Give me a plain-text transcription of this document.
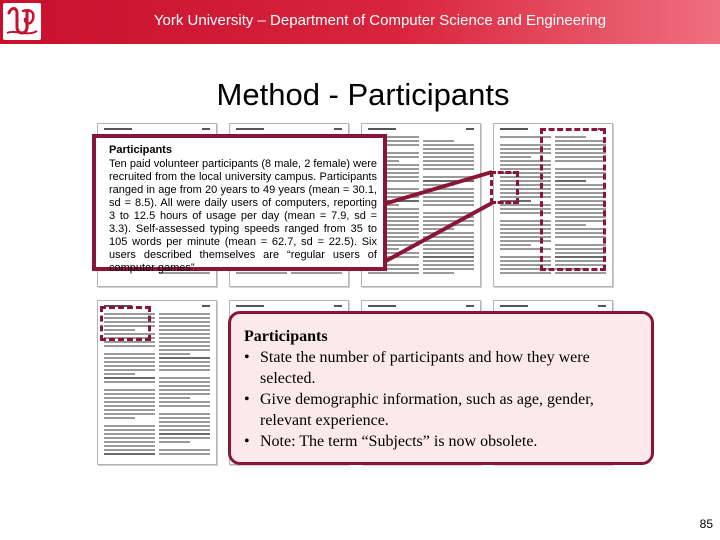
York University – Department of Computer Science and Engineering
Method - Participants
Participants
Ten paid volunteer participants (8 male, 2 female) were recruited from the local university campus. Participants ranged in age from 20 years to 49 years (mean = 30.1, sd = 8.5). All were daily users of computers, reporting 3 to 12.5 hours of usage per day (mean = 7.9, sd = 3.3). Self-assessed typing speeds ranged from 35 to 105 words per minute (mean = 62.7, sd = 22.5). Six users described themselves are “regular users of computer games”.
Participants
• State the number of participants and how they were selected.
• Give demographic information, such as age, gender, relevant experience.
• Note: The term “Subjects” is now obsolete.
85
